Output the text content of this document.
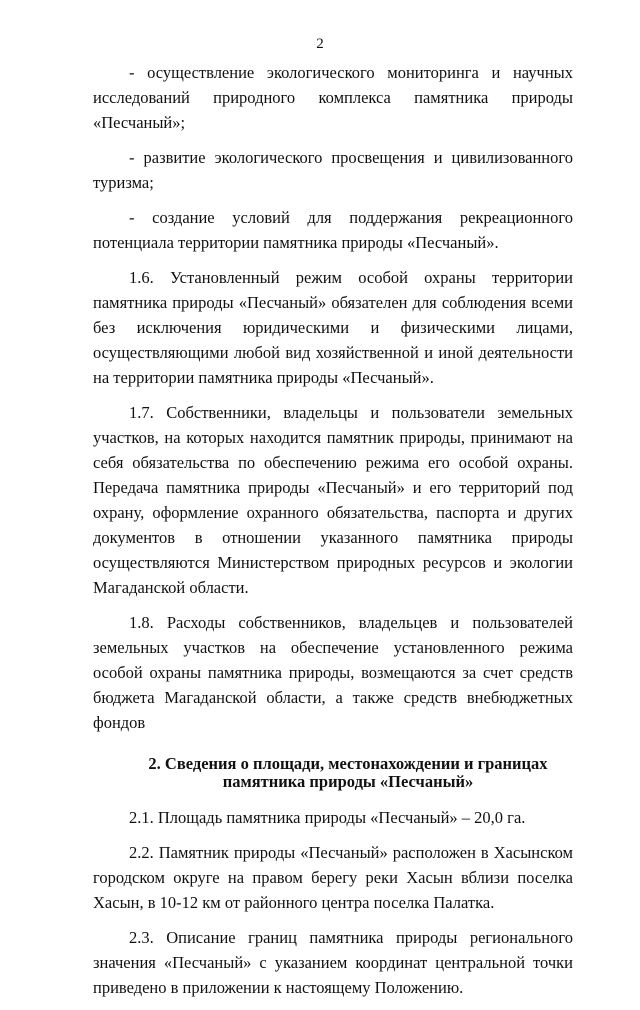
2

- осуществление экологического мониторинга и научных исследований природного комплекса памятника природы «Песчаный»;

- развитие экологического просвещения и цивилизованного туризма;

- создание условий для поддержания рекреационного потенциала территории памятника природы «Песчаный».

1.6. Установленный режим особой охраны территории памятника природы «Песчаный» обязателен для соблюдения всеми без исключения юридическими и физическими лицами, осуществляющими любой вид хозяйственной и иной деятельности на территории памятника природы «Песчаный».

1.7. Собственники, владельцы и пользователи земельных участков, на которых находится памятник природы, принимают на себя обязательства по обеспечению режима его особой охраны. Передача памятника природы «Песчаный» и его территорий под охрану, оформление охранного обязательства, паспорта и других документов в отношении указанного памятника природы осуществляются Министерством природных ресурсов и экологии Магаданской области.

1.8. Расходы собственников, владельцев и пользователей земельных участков на обеспечение установленного режима особой охраны памятника природы, возмещаются за счет средств бюджета Магаданской области, а также средств внебюджетных фондов

2. Сведения о площади, местонахождении и границах
памятника природы «Песчаный»

2.1. Площадь памятника природы «Песчаный» – 20,0 га.

2.2. Памятник природы «Песчаный» расположен в Хасынском городском округе на правом берегу реки Хасын вблизи поселка Хасын, в 10-12 км от районного центра поселка Палатка.

2.3. Описание границ памятника природы регионального значения «Песчаный» с указанием координат центральной точки приведено в приложении к настоящему Положению.
